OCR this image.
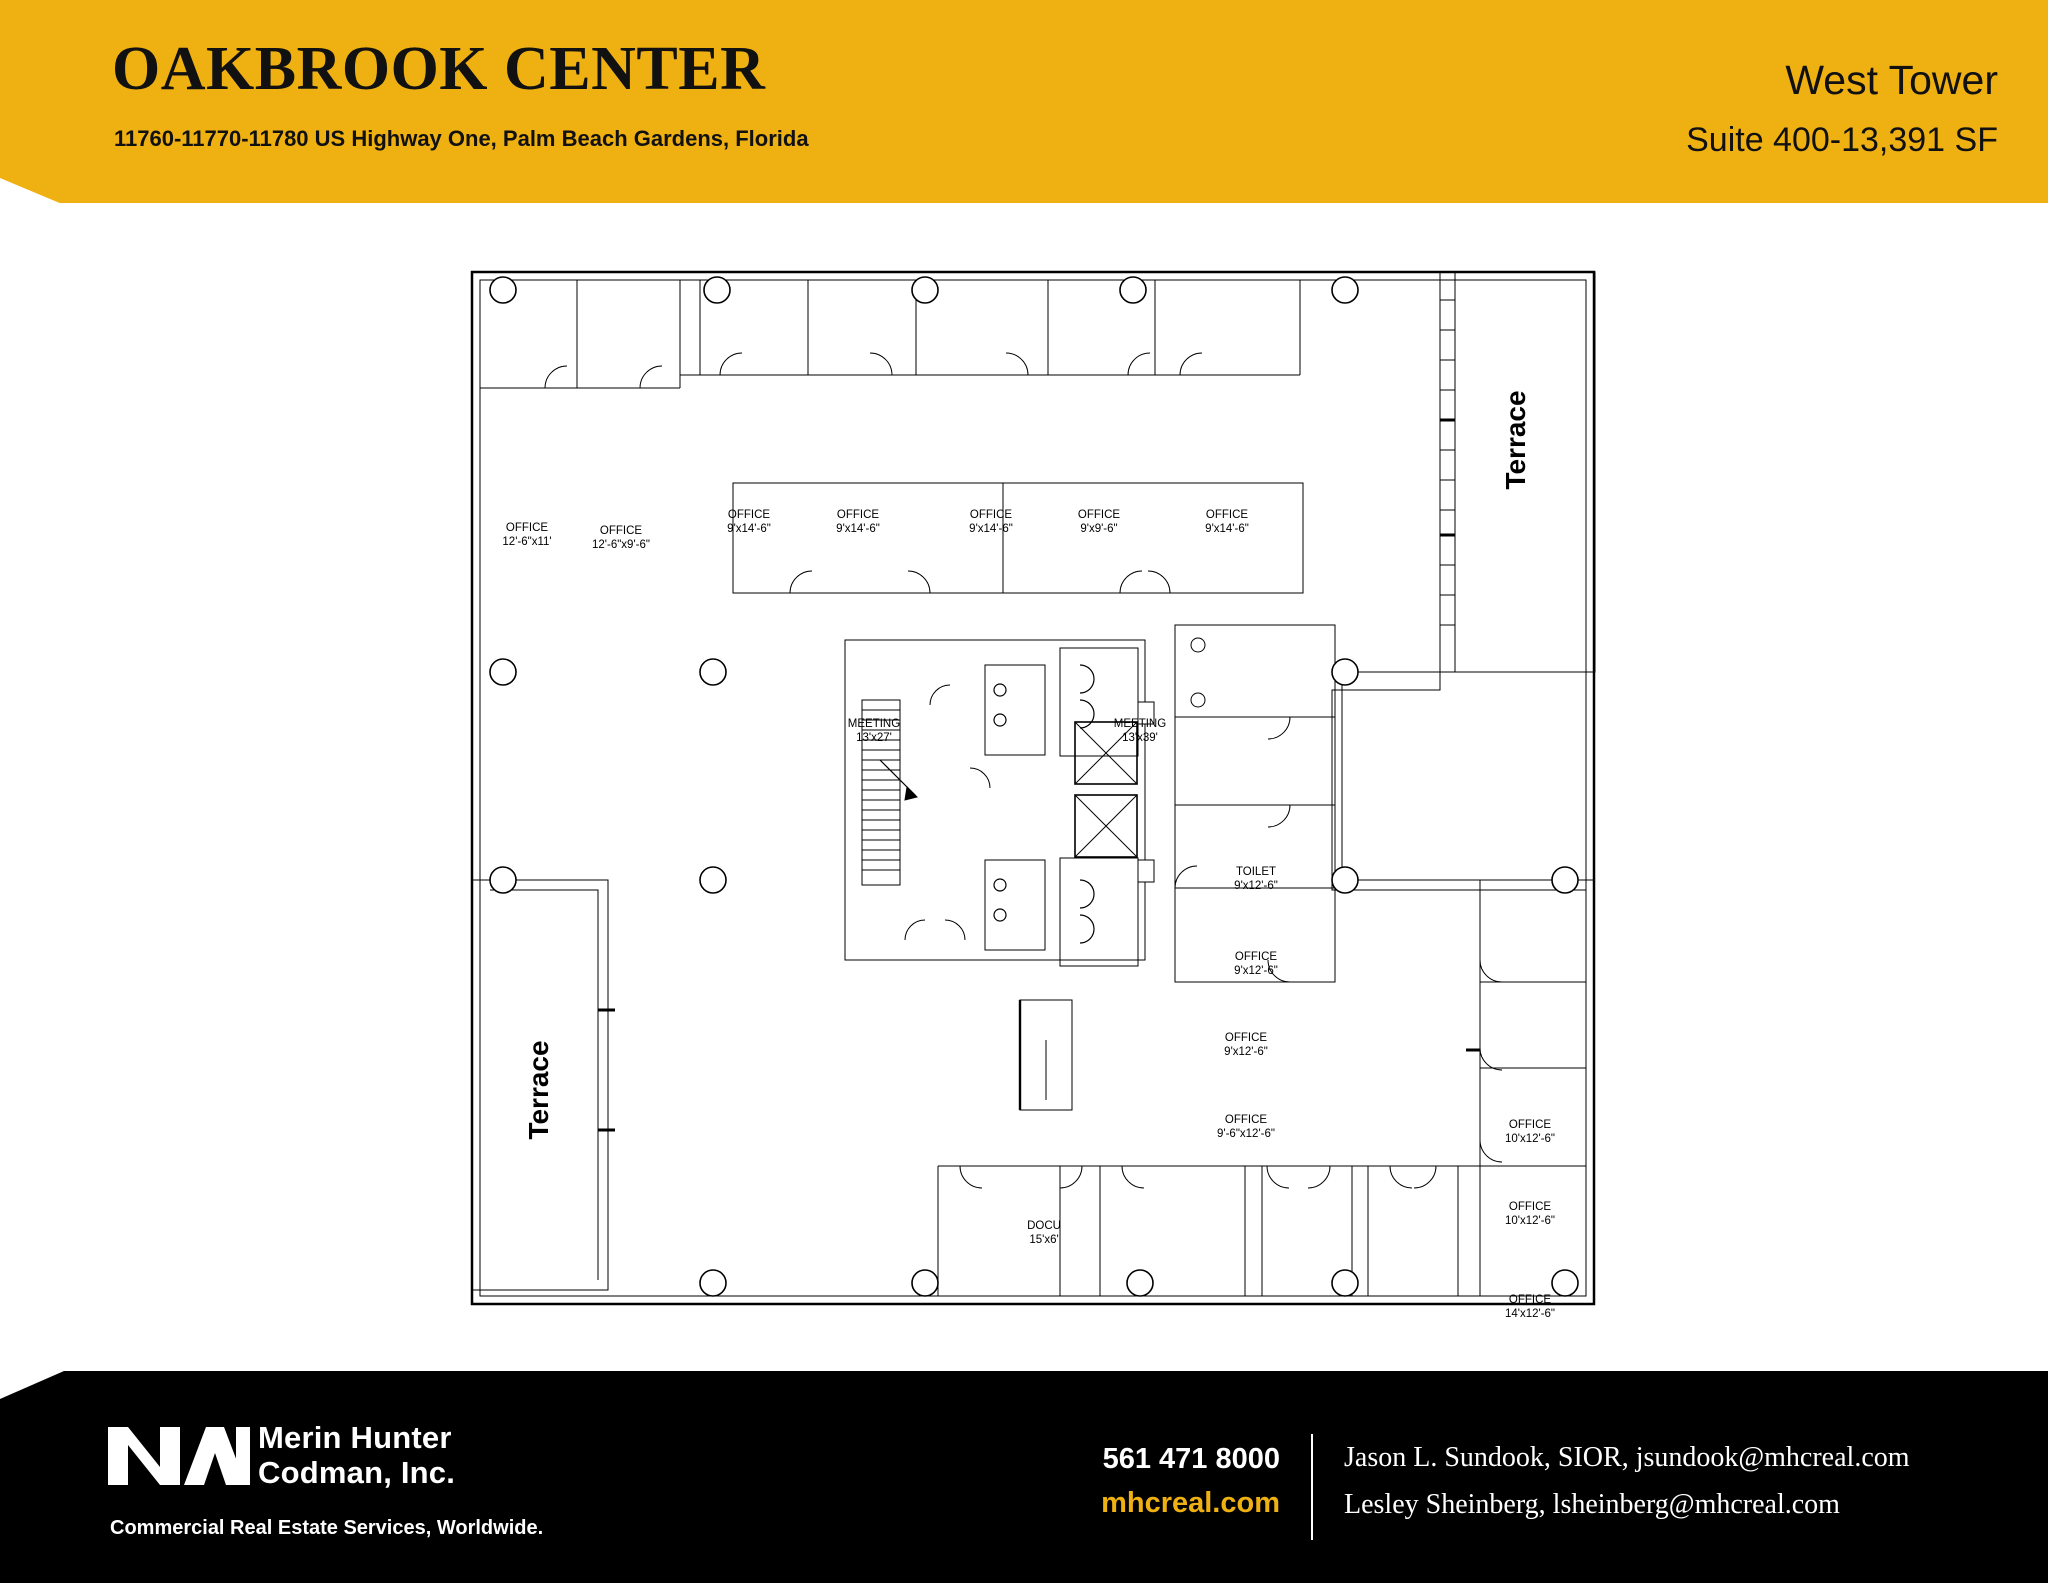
OAKBROOK CENTER
11760-11770-11780 US Highway One, Palm Beach Gardens, Florida
West Tower
Suite 400-13,391 SF
Terrace
Terrace
OFFICE
12'-6"x11'
OFFICE
12'-6"x9'-6"
OFFICE
9'x14'-6"
OFFICE
9'x14'-6"
OFFICE
9'x14'-6"
OFFICE
9'x9'-6"
OFFICE
9'x14'-6"
MEETING
13'x27'
MEETING
13'x39'
TOILET
9'x12'-6"
OFFICE
9'x12'-6"
OFFICE
9'x12'-6"
OFFICE
9'-6"x12'-6"
DOCU
15'x6'
OFFICE
10'x12'-6"
OFFICE
10'x12'-6"
OFFICE
14'x12'-6"
Merin Hunter
Codman, Inc.
Commercial Real Estate Services, Worldwide.
561 471 8000
mhcreal.com
Jason L. Sundook, SIOR, jsundook@mhcreal.com
Lesley Sheinberg, lsheinberg@mhcreal.com
